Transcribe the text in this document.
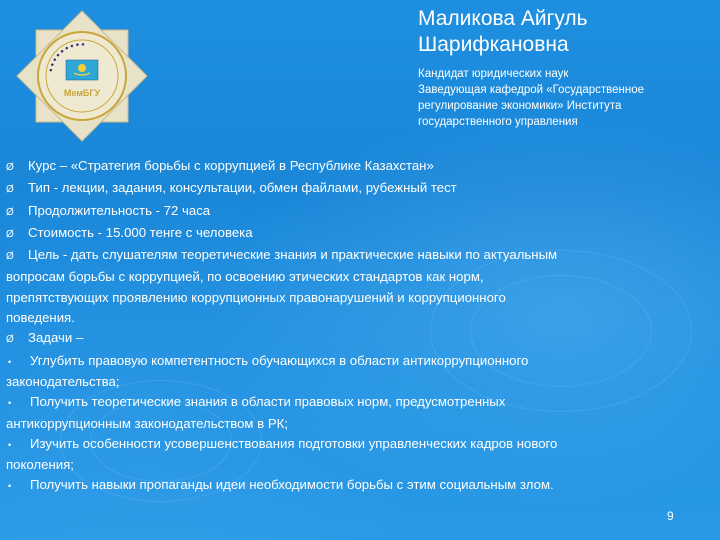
● ● ● ● ● ● ● ● ●
МемБГУ
Маликова Айгуль
Шарифкановна
Кандидат юридических наук
Заведующая кафедрой «Государственное
регулирование экономики» Института
государственного управления
Ø Курс – «Стратегия борьбы с коррупцией в Республике Казахстан»
Ø Тип - лекции, задания, консультации, обмен файлами, рубежный тест
Ø Продолжительность - 72 часа
Ø Стоимость - 15.000 тенге с человека
Ø Цель - дать слушателям теоретические знания и практические навыки по актуальным
вопросам борьбы с коррупцией, по освоению этических стандартов как норм,
препятствующих проявлению коррупционных правонарушений и коррупционного
поведения.
Ø Задачи –
• Углубить правовую компетентность обучающихся в области антикоррупционного
законодательства;
• Получить теоретические знания в области правовых норм, предусмотренных
антикоррупционным законодательством в РК;
• Изучить особенности усовершенствования подготовки управленческих кадров нового
поколения;
• Получить навыки пропаганды идеи необходимости борьбы с этим социальным злом.
9
